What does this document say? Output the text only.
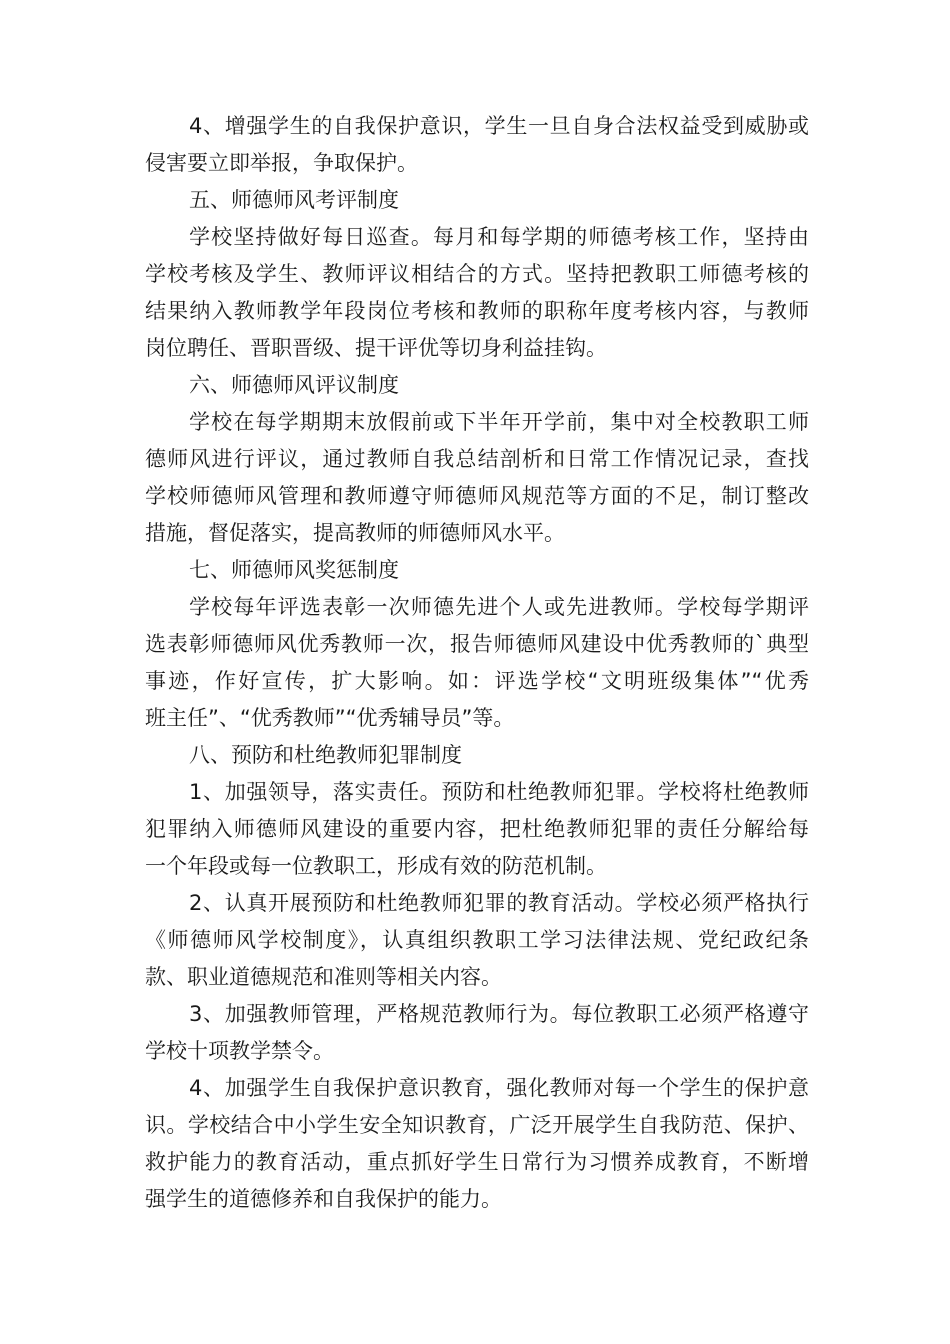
4、增强学生的自我保护意识，学生一旦自身合法权益受到威胁或
侵害要立即举报，争取保护。
五、师德师风考评制度
学校坚持做好每日巡查。每月和每学期的师德考核工作，坚持由
学校考核及学生、教师评议相结合的方式。坚持把教职工师德考核的
结果纳入教师教学年段岗位考核和教师的职称年度考核内容，与教师
岗位聘任、晋职晋级、提干评优等切身利益挂钩。
六、师德师风评议制度
学校在每学期期末放假前或下半年开学前，集中对全校教职工师
德师风进行评议，通过教师自我总结剖析和日常工作情况记录，查找
学校师德师风管理和教师遵守师德师风规范等方面的不足，制订整改
措施，督促落实，提高教师的师德师风水平。
七、师德师风奖惩制度
学校每年评选表彰一次师德先进个人或先进教师。学校每学期评
选表彰师德师风优秀教师一次，报告师德师风建设中优秀教师的`典型
事迹，作好宣传，扩大影响。如：评选学校“文明班级集体”“优秀
班主任”、“优秀教师”“优秀辅导员”等。
八、预防和杜绝教师犯罪制度
1、加强领导，落实责任。预防和杜绝教师犯罪。学校将杜绝教师
犯罪纳入师德师风建设的重要内容，把杜绝教师犯罪的责任分解给每
一个年段或每一位教职工，形成有效的防范机制。
2、认真开展预防和杜绝教师犯罪的教育活动。学校必须严格执行
《师德师风学校制度》，认真组织教职工学习法律法规、党纪政纪条
款、职业道德规范和准则等相关内容。
3、加强教师管理，严格规范教师行为。每位教职工必须严格遵守
学校十项教学禁令。
4、加强学生自我保护意识教育，强化教师对每一个学生的保护意
识。学校结合中小学生安全知识教育，广泛开展学生自我防范、保护、
救护能力的教育活动，重点抓好学生日常行为习惯养成教育，不断增
强学生的道德修养和自我保护的能力。
